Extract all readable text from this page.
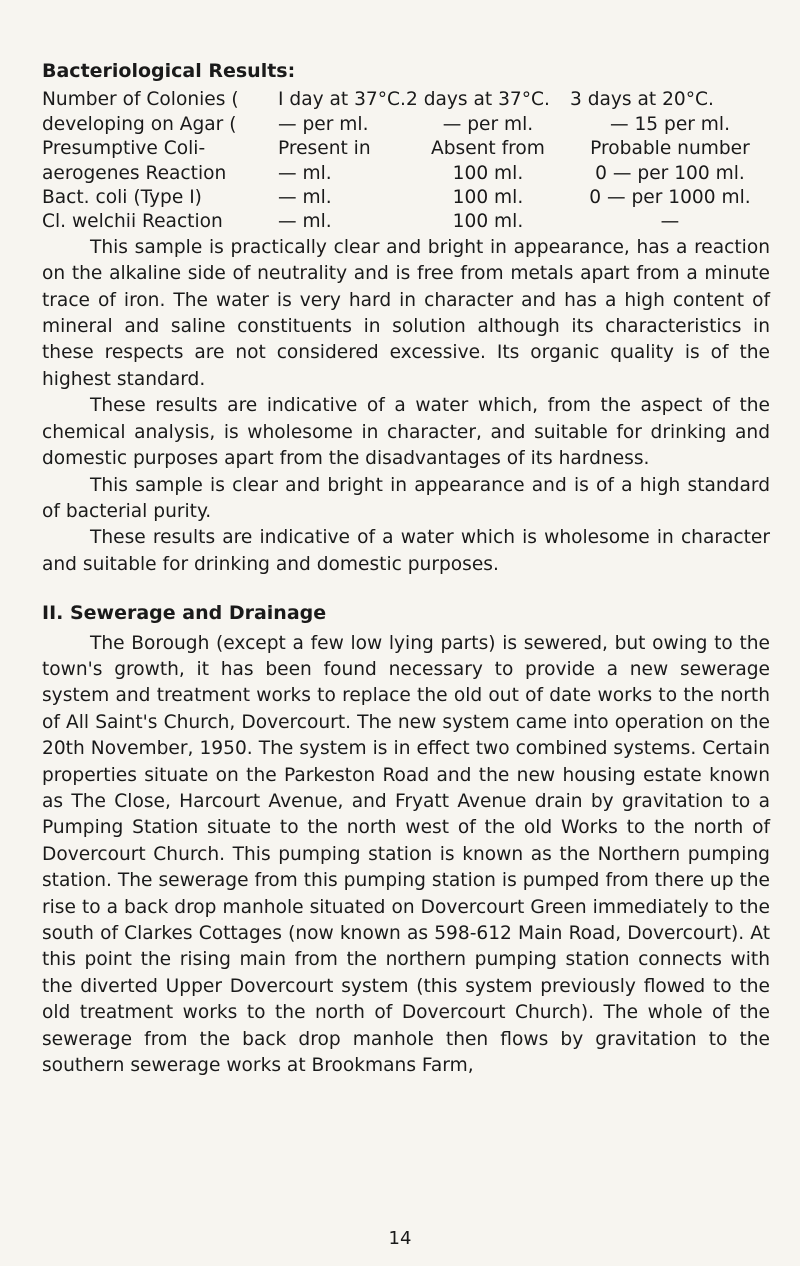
Bacteriological Results:
Number of Colonies (	I day at 37°C.	2 days at 37°C.	3 days at 20°C.
developing on Agar (	— per ml.	— per ml.	— 15 per ml.
Presumptive Coli-	Present in	Absent from	Probable number
aerogenes Reaction	— ml.	100 ml.	0 — per 100 ml.
Bact. coli (Type I)	— ml.	100 ml.	0 — per 1000 ml.
Cl. welchii Reaction	— ml.	100 ml.	—

This sample is practically clear and bright in appearance, has a reaction on the alkaline side of neutrality and is free from metals apart from a minute trace of iron. The water is very hard in character and has a high content of mineral and saline constituents in solution although its characteristics in these respects are not considered excessive. Its organic quality is of the highest standard.

These results are indicative of a water which, from the aspect of the chemical analysis, is wholesome in character, and suitable for drinking and domestic purposes apart from the disadvantages of its hardness.

This sample is clear and bright in appearance and is of a high standard of bacterial purity.

These results are indicative of a water which is wholesome in character and suitable for drinking and domestic purposes.

II. Sewerage and Drainage

The Borough (except a few low lying parts) is sewered, but owing to the town's growth, it has been found necessary to provide a new sewerage system and treatment works to replace the old out of date works to the north of All Saint's Church, Dovercourt. The new system came into operation on the 20th November, 1950. The system is in effect two combined systems. Certain properties situate on the Parkeston Road and the new housing estate known as The Close, Harcourt Avenue, and Fryatt Avenue drain by gravitation to a Pumping Station situate to the north west of the old Works to the north of Dovercourt Church. This pumping station is known as the Northern pumping station. The sewerage from this pumping station is pumped from there up the rise to a back drop manhole situated on Dovercourt Green immediately to the south of Clarkes Cottages (now known as 598-612 Main Road, Dovercourt). At this point the rising main from the northern pumping station connects with the diverted Upper Dovercourt system (this system previously flowed to the old treatment works to the north of Dovercourt Church). The whole of the sewerage from the back drop manhole then flows by gravitation to the southern sewerage works at Brookmans Farm,

14
